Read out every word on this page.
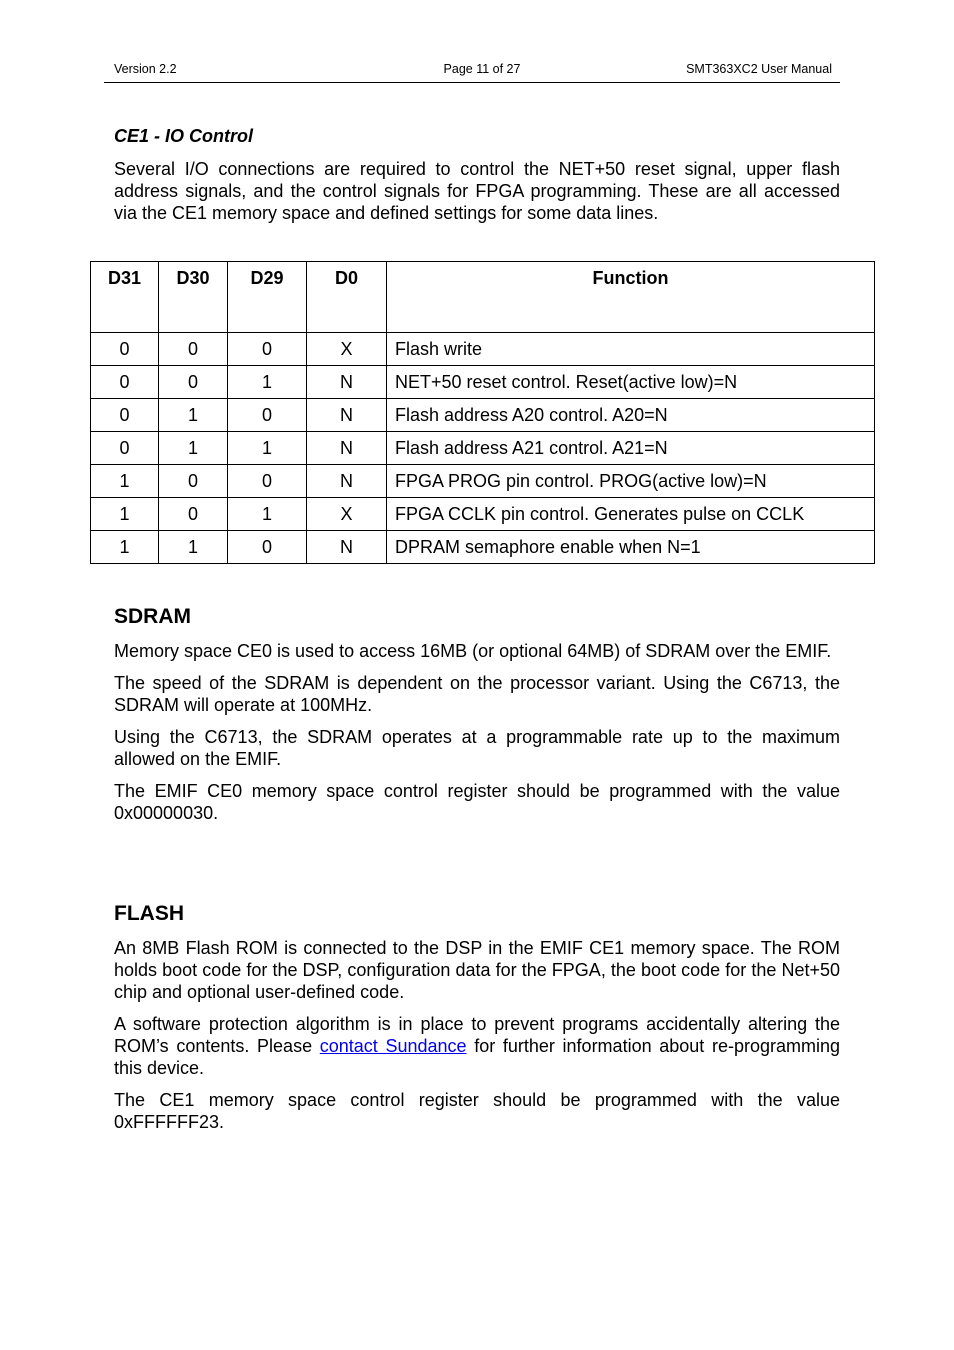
Version 2.2	Page 11 of 27	SMT363XC2 User Manual
CE1 - IO Control

Several I/O connections are required to control the NET+50 reset signal, upper flash address signals, and the control signals for FPGA programming. These are all accessed via the CE1 memory space and defined settings for some data lines.

D31	D30	D29	D0	Function
0	0	0	X	Flash write
0	0	1	N	NET+50 reset control. Reset(active low)=N
0	1	0	N	Flash address A20 control. A20=N
0	1	1	N	Flash address A21 control. A21=N
1	0	0	N	FPGA PROG pin control. PROG(active low)=N
1	0	1	X	FPGA CCLK pin control. Generates pulse on CCLK
1	1	0	N	DPRAM semaphore enable when N=1
SDRAM

Memory space CE0 is used to access 16MB (or optional 64MB) of SDRAM over the EMIF.

The speed of the SDRAM is dependent on the processor variant. Using the C6713, the SDRAM will operate at 100MHz.

Using the C6713, the SDRAM operates at a programmable rate up to the maximum allowed on the EMIF.

The EMIF CE0 memory space control register should be programmed with the value 0x00000030.

FLASH

An 8MB Flash ROM is connected to the DSP in the EMIF CE1 memory space. The ROM holds boot code for the DSP, configuration data for the FPGA, the boot code for the Net+50 chip and optional user-defined code.

A software protection algorithm is in place to prevent programs accidentally altering the ROM’s contents. Please contact Sundance for further information about re-programming this device.

The CE1 memory space control register should be programmed with the value 0xFFFFFF23.
